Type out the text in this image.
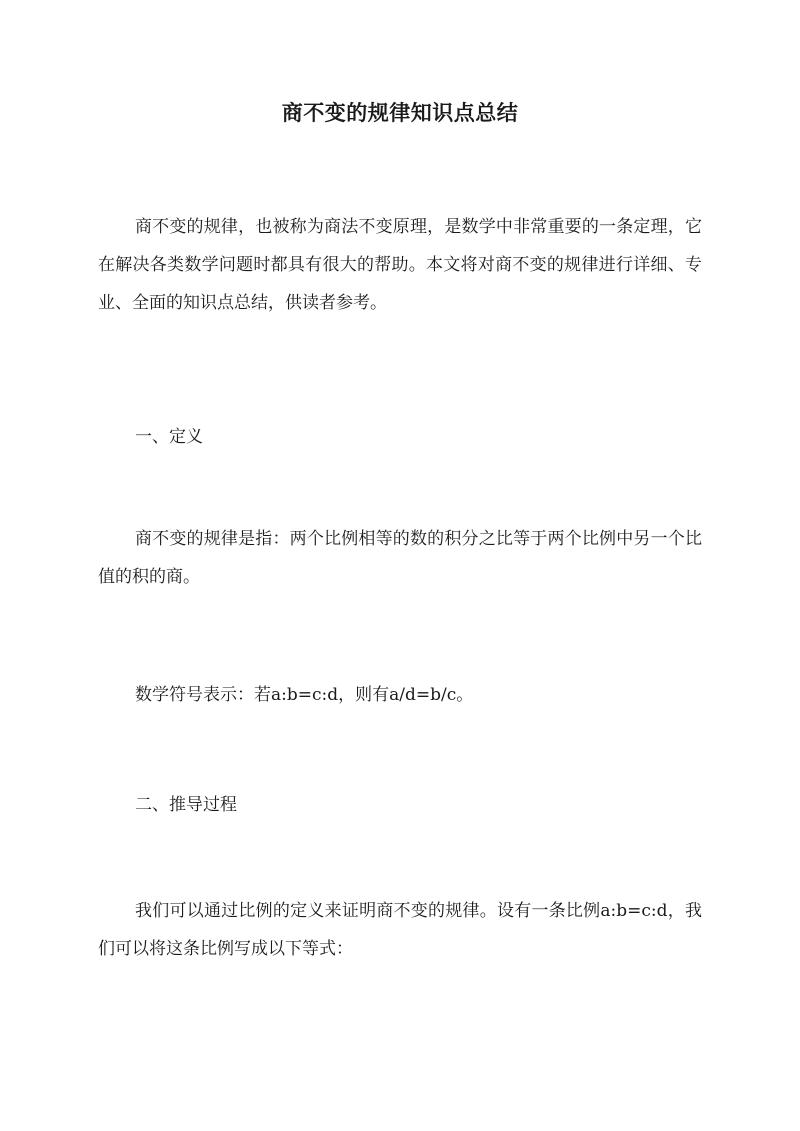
商不变的规律知识点总结

商不变的规律，也被称为商法不变原理，是数学中非常重要的一条定理，它在解决各类数学问题时都具有很大的帮助。本文将对商不变的规律进行详细、专业、全面的知识点总结，供读者参考。

一、定义

商不变的规律是指：两个比例相等的数的积分之比等于两个比例中另一个比值的积的商。

数学符号表示：若a:b=c:d，则有a/d=b/c。

二、推导过程

我们可以通过比例的定义来证明商不变的规律。设有一条比例a:b=c:d，我们可以将这条比例写成以下等式：
